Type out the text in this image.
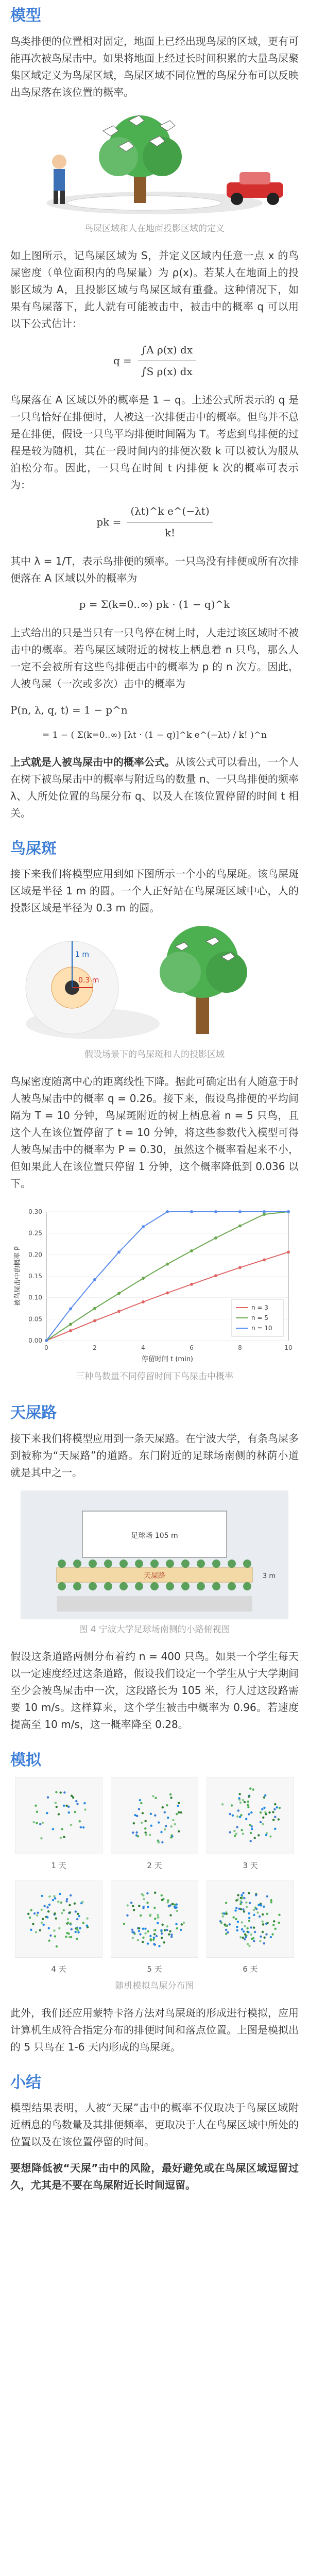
模型

鸟类排便的位置相对固定，地面上已经出现鸟屎的区域，更有可能再次被鸟屎击中。如果将地面上经过长时间积累的大量鸟屎聚集区域定义为鸟屎区域，鸟屎区域不同位置的鸟屎分布可以反映出鸟屎落在该位置的概率。

鸟屎区域和人在地面投影区域的定义

如上图所示，记鸟屎区域为 S，并定义区域内任意一点 x 的鸟屎密度（单位面积内的鸟屎量）为 ρ(x)。若某人在地面上的投影区域为 A，且投影区域与鸟屎区域有重叠。这种情况下，如果有鸟屎落下，此人就有可能被击中，被击中的概率 q 可以用以下公式估计：

$q = \frac{\text{∫A ρ(x) dx}}{\text{∫S ρ(x) dx}}$

鸟屎落在 A 区域以外的概率是 1 − q。上述公式所表示的 q 是一只鸟恰好在排便时，人被这一次排便击中的概率。但鸟并不总是在排便，假设一只鸟平均排便时间隔为 T。考虑到鸟排便的过程是较为随机，其在一段时间内的排便次数 k 可以被认为服从泊松分布。因此，一只鸟在时间 t 内排便 k 次的概率可表示为：

pk = $\frac{\text{(λt)\textasciicircum{}k e\textasciicircum{}(−λt)}}{k!}$

其中 λ = 1/T，表示鸟排便的频率。一只鸟没有排便或所有次排便落在 A 区域以外的概率为

p = Σ(k=0..∞) pk · (1 − q)^k

上式给出的只是当只有一只鸟停在树上时，人走过该区域时不被击中的概率。若鸟屎区域附近的树枝上栖息着 n 只鸟，那么人一定不会被所有这些鸟排便击中的概率为 p 的 n 次方。因此，人被鸟屎（一次或多次）击中的概率为

P(n, λ, q, t) = 1 − p^n
= 1 − ( Σ(k=0..∞) [λt · (1 − q)]^k e^(−λt) / k! )^n

上式就是人被鸟屎击中的概率公式。从该公式可以看出，一个人在树下被鸟屎击中的概率与附近鸟的数量 n、一只鸟排便的频率 λ、人所处位置的鸟屎分布 q、以及人在该位置停留的时间 t 相关。

鸟屎斑

接下来我们将模型应用到如下图所示一个小的鸟屎斑。该鸟屎斑区域是半径 1 m 的圆。一个人正好站在鸟屎斑区域中心，人的投影区域是半径为 0.3 m 的圆。

0.3 m
1 m
假设场景下的鸟屎斑和人的投影区域

鸟屎密度随离中心的距离线性下降。据此可确定出有人随意于时人被鸟屎击中的概率 q = 0.26。接下来，假设鸟排便的平均间隔为 T = 10 分钟，鸟屎斑附近的树上栖息着 n = 5 只鸟，且这个人在该位置停留了 t = 10 分钟，将这些参数代入模型可得人被鸟屎击中的概率为 P = 0.30，虽然这个概率看起来不小，但如果此人在该位置只停留 1 分钟，这个概率降低到 0.036 以下。

0.00
0.05
0.10
0.15
0.20
0.25
0.30
0	2	4	6	8	10
停留时间 t (min)
被鸟屎击中的概率 P
n = 3
n = 5
n = 10
三种鸟数量不同停留时间下鸟屎击中概率
天屎路

接下来我们将模型应用到一条天屎路。在宁波大学，有条鸟屎多到被称为“天屎路”的道路。东门附近的足球场南侧的林荫小道就是其中之一。

足球场 105 m
天屎路	3 m
图 4 宁波大学足球场南侧的小路俯视图

假设这条道路两侧分布着约 n = 400 只鸟。如果一个学生每天以一定速度经过这条道路，假设我们设定一个学生从宁大学期间至少会被鸟屎击中一次，这段路长为 105 米，行人过这段路需要 10 m/s。这样算来，这个学生被击中概率为 0.96。若速度提高至 10 m/s，这一概率降至 0.28。

模拟
1 天	2 天	3 天
4 天	5 天	6 天
随机模拟鸟屎分布图

此外，我们还应用蒙特卡洛方法对鸟屎斑的形成进行模拟，应用计算机生成符合指定分布的排便时间和落点位置。上图是模拟出的 5 只鸟在 1-6 天内形成的鸟屎斑。

小结

模型结果表明，人被“天屎”击中的概率不仅取决于鸟屎区域附近栖息的鸟数量及其排便频率，更取决于人在鸟屎区域中所处的位置以及在该位置停留的时间。

要想降低被“天屎”击中的风险，最好避免或在鸟屎区域逗留过久，尤其是不要在鸟屎附近长时间逗留。
